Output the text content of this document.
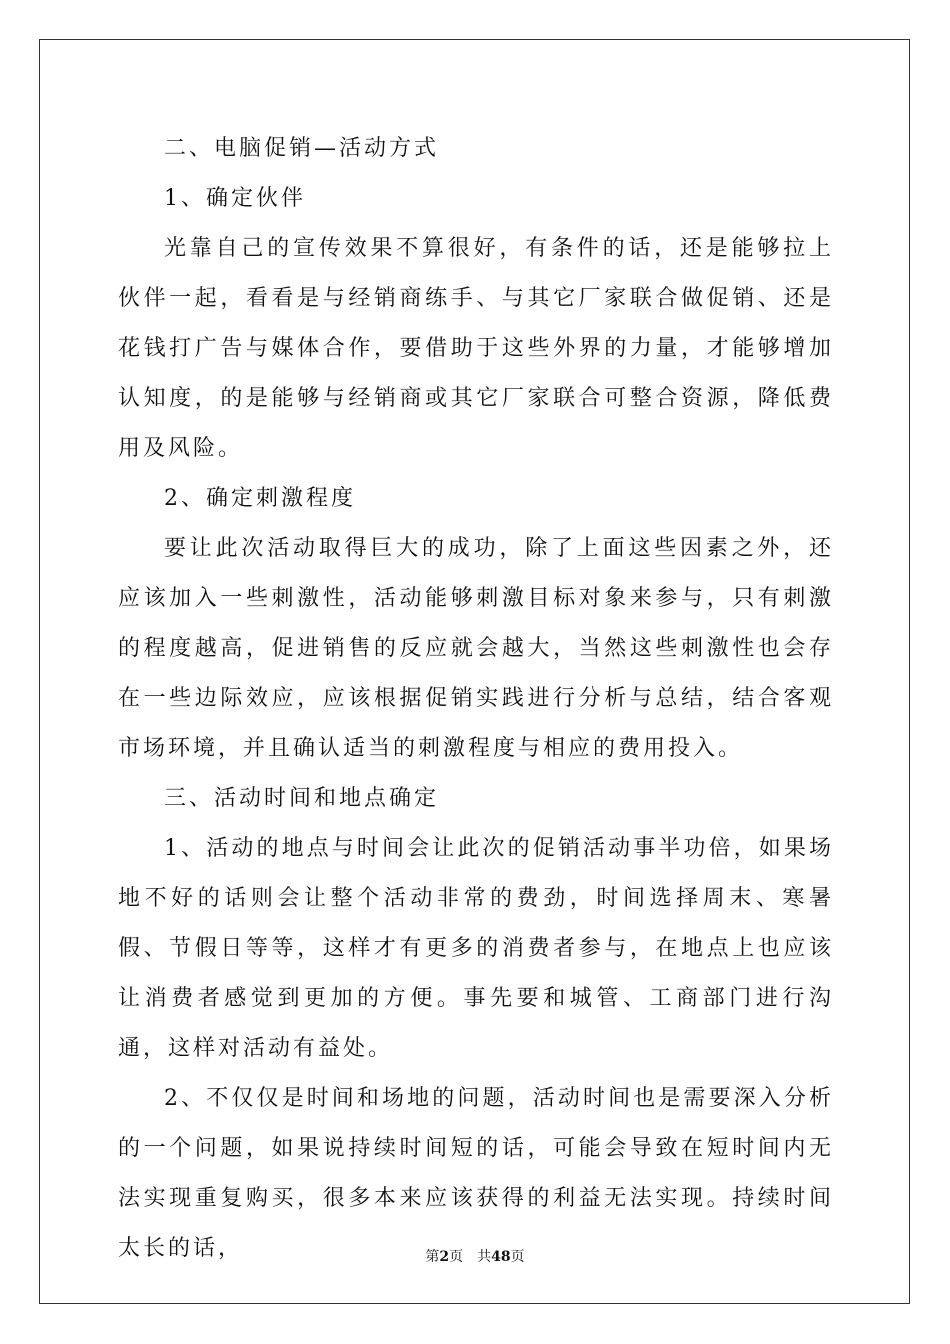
二、电脑促销—活动方式

1、确定伙伴

光靠自己的宣传效果不算很好，有条件的话，还是能够拉上伙伴一起，看看是与经销商练手、与其它厂家联合做促销、还是花钱打广告与媒体合作，要借助于这些外界的力量，才能够增加认知度，的是能够与经销商或其它厂家联合可整合资源，降低费用及风险。

2、确定刺激程度

要让此次活动取得巨大的成功，除了上面这些因素之外，还应该加入一些刺激性，活动能够刺激目标对象来参与，只有刺激的程度越高，促进销售的反应就会越大，当然这些刺激性也会存在一些边际效应，应该根据促销实践进行分析与总结，结合客观市场环境，并且确认适当的刺激程度与相应的费用投入。

三、活动时间和地点确定

1、活动的地点与时间会让此次的促销活动事半功倍，如果场地不好的话则会让整个活动非常的费劲，时间选择周末、寒暑假、节假日等等，这样才有更多的消费者参与，在地点上也应该让消费者感觉到更加的方便。事先要和城管、工商部门进行沟通，这样对活动有益处。

2、不仅仅是时间和场地的问题，活动时间也是需要深入分析的一个问题，如果说持续时间短的话，可能会导致在短时间内无法实现重复购买，很多本来应该获得的利益无法实现。持续时间太长的话，	第2页 共48页
